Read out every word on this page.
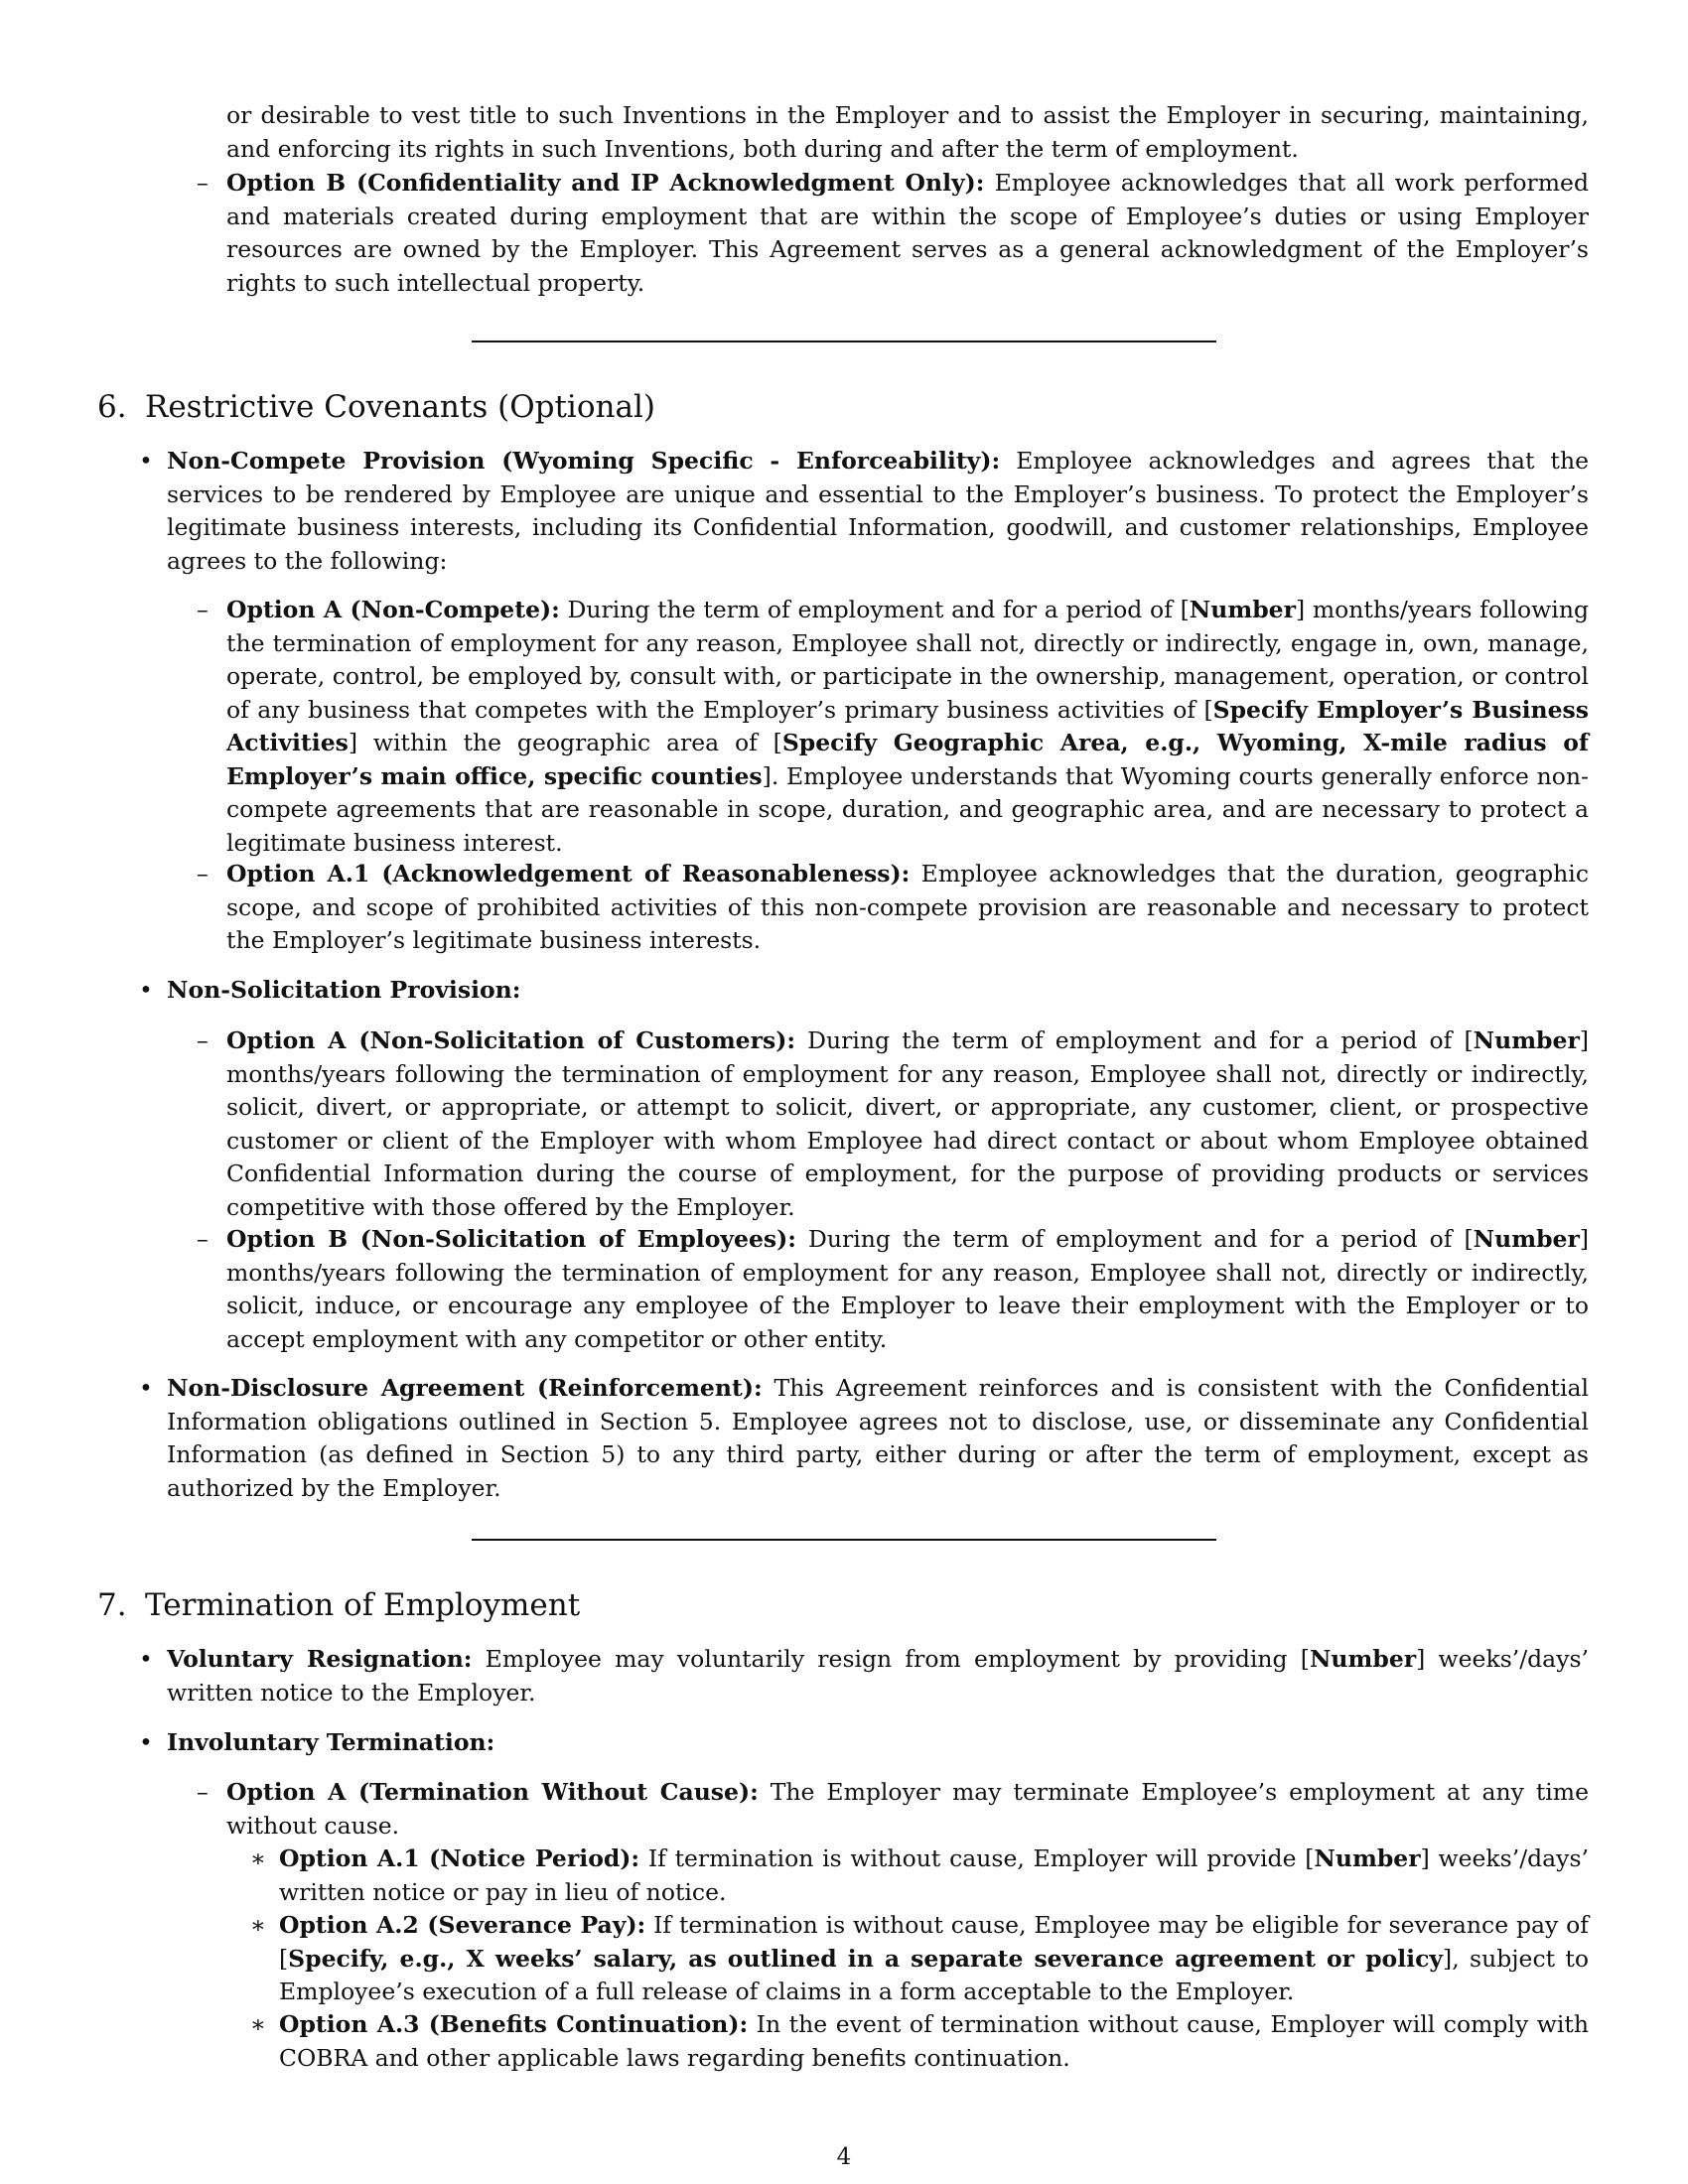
or desirable to vest title to such Inventions in the Employer and to assist the Employer in securing, maintaining, and enforcing its rights in such Inventions, both during and after the term of employment.
– Option B (Confidentiality and IP Acknowledgment Only): Employee acknowledges that all work performed and materials created during employment that are within the scope of Employee’s duties or using Employer resources are owned by the Employer. This Agreement serves as a general acknowledgment of the Employer’s rights to such intellectual property.
6. Restrictive Covenants (Optional)
• Non-Compete Provision (Wyoming Specific - Enforceability): Employee acknowledges and agrees that the services to be rendered by Employee are unique and essential to the Employer’s business. To protect the Employer’s legitimate business interests, including its Confidential Information, goodwill, and customer relationships, Employee agrees to the following:
– Option A (Non-Compete): During the term of employment and for a period of [Number] months/years following the termination of employment for any reason, Employee shall not, directly or indirectly, engage in, own, manage, operate, control, be employed by, consult with, or participate in the ownership, management, operation, or control of any business that competes with the Employer’s primary business activities of [Specify Employer’s Business Activities] within the geographic area of [Specify Geographic Area, e.g., Wyoming, X-mile radius of Employer’s main office, specific counties]. Employee understands that Wyoming courts generally enforce non-compete agreements that are reasonable in scope, duration, and geographic area, and are necessary to protect a legitimate business interest.
– Option A.1 (Acknowledgement of Reasonableness): Employee acknowledges that the duration, geographic scope, and scope of prohibited activities of this non-compete provision are reasonable and necessary to protect the Employer’s legitimate business interests.
• Non-Solicitation Provision:
– Option A (Non-Solicitation of Customers): During the term of employment and for a period of [Number] months/years following the termination of employment for any reason, Employee shall not, directly or indirectly, solicit, divert, or appropriate, or attempt to solicit, divert, or appropriate, any customer, client, or prospective customer or client of the Employer with whom Employee had direct contact or about whom Employee obtained Confidential Information during the course of employment, for the purpose of providing products or services competitive with those offered by the Employer.
– Option B (Non-Solicitation of Employees): During the term of employment and for a period of [Number] months/years following the termination of employment for any reason, Employee shall not, directly or indirectly, solicit, induce, or encourage any employee of the Employer to leave their employment with the Employer or to accept employment with any competitor or other entity.
• Non-Disclosure Agreement (Reinforcement): This Agreement reinforces and is consistent with the Confidential Information obligations outlined in Section 5. Employee agrees not to disclose, use, or disseminate any Confidential Information (as defined in Section 5) to any third party, either during or after the term of employment, except as authorized by the Employer.
7. Termination of Employment
• Voluntary Resignation: Employee may voluntarily resign from employment by providing [Number] weeks’/days’ written notice to the Employer.
• Involuntary Termination:
– Option A (Termination Without Cause): The Employer may terminate Employee’s employment at any time without cause.
∗ Option A.1 (Notice Period): If termination is without cause, Employer will provide [Number] weeks’/days’ written notice or pay in lieu of notice.
∗ Option A.2 (Severance Pay): If termination is without cause, Employee may be eligible for severance pay of [Specify, e.g., X weeks’ salary, as outlined in a separate severance agreement or policy], subject to Employee’s execution of a full release of claims in a form acceptable to the Employer.
∗ Option A.3 (Benefits Continuation): In the event of termination without cause, Employer will comply with COBRA and other applicable laws regarding benefits continuation.
4
